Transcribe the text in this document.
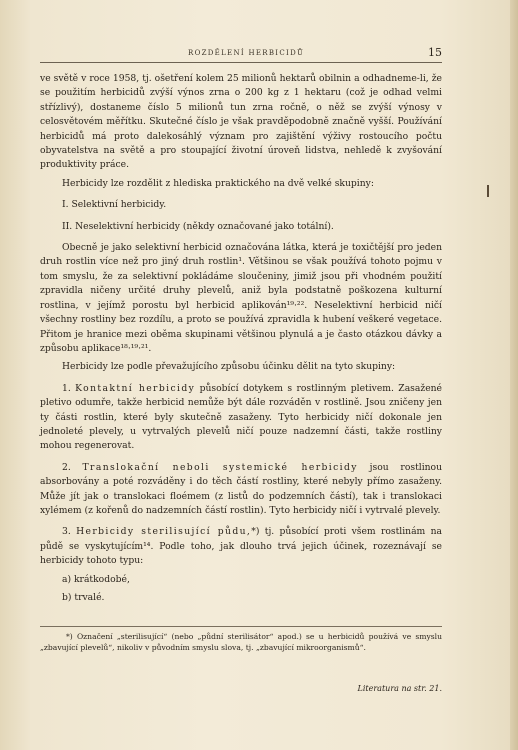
ROZDĚLENÍ HERBICIDŮ	15

ve světě v roce 1958, tj. ošetření kolem 25 milionů hektarů obilnin a odhadneme-li, že se použitím herbicidů zvýší výnos zrna o 200 kg z 1 hektaru (což je odhad velmi střízlivý), dostaneme číslo 5 milionů tun zrna ročně, o něž se zvýší výnosy v celosvětovém měřítku. Skutečné číslo je však pravděpodobně značně vyšší. Používání herbicidů má proto dalekosáhlý význam pro zajištění výživy rostoucího počtu obyvatelstva na světě a pro stoupající životní úroveň lidstva, nehledě k zvyšování produktivity práce.

Herbicidy lze rozdělit z hlediska praktického na dvě velké skupiny:

I. Selektivní herbicidy.

II. Neselektivní herbicidy (někdy označované jako totální).

Obecně je jako selektivní herbicid označována látka, která je toxičtější pro jeden druh rostlin více než pro jiný druh rostlin¹. Většinou se však používá tohoto pojmu v tom smyslu, že za selektivní pokládáme sloučeniny, jimiž jsou při vhodném použití zpravidla ničeny určité druhy plevelů, aniž byla podstatně poškozena kulturní rostlina, v jejímž porostu byl herbicid aplikován¹⁹·²². Neselektivní herbicid ničí všechny rostliny bez rozdílu, a proto se používá zpravidla k hubení veškeré vegetace. Přitom je hranice mezi oběma skupinami většinou plynulá a je často otázkou dávky a způsobu aplikace¹⁸·¹⁹·²¹.

Herbicidy lze podle převažujícího způsobu účinku dělit na tyto skupiny:

1. Kontaktní herbicidy působící dotykem s rostlinným pletivem. Zasažené pletivo odumře, takže herbicid nemůže být dále rozváděn v rostlině. Jsou zničeny jen ty části rostlin, které byly skutečně zasaženy. Tyto herbicidy ničí dokonale jen jednoleté plevely, u vytrvalých plevelů ničí pouze nadzemní části, takže rostliny mohou regenerovat.

2. Translokační neboli systemické herbicidy jsou rostlinou absorbovány a poté rozváděny i do těch částí rostliny, které nebyly přímo zasaženy. Může jít jak o translokaci floémem (z listů do podzemních částí), tak i translokaci xylémem (z kořenů do nadzemních částí rostlin). Tyto herbicidy ničí i vytrvalé plevely.

3. Herbicidy sterilisující půdu,*) tj. působící proti všem rostlinám na půdě se vyskytujícím¹⁴. Podle toho, jak dlouho trvá jejich účinek, rozeznávají se herbicidy tohoto typu:

a) krátkodobé,

b) trvalé.

*) Označení „sterilisující“ (nebo „půdní sterilisátor“ apod.) se u herbicidů používá ve smyslu „zbavující plevelů“, nikoliv v původním smyslu slova, tj. „zbavující mikroorganismů“.

Literatura na str. 21.
